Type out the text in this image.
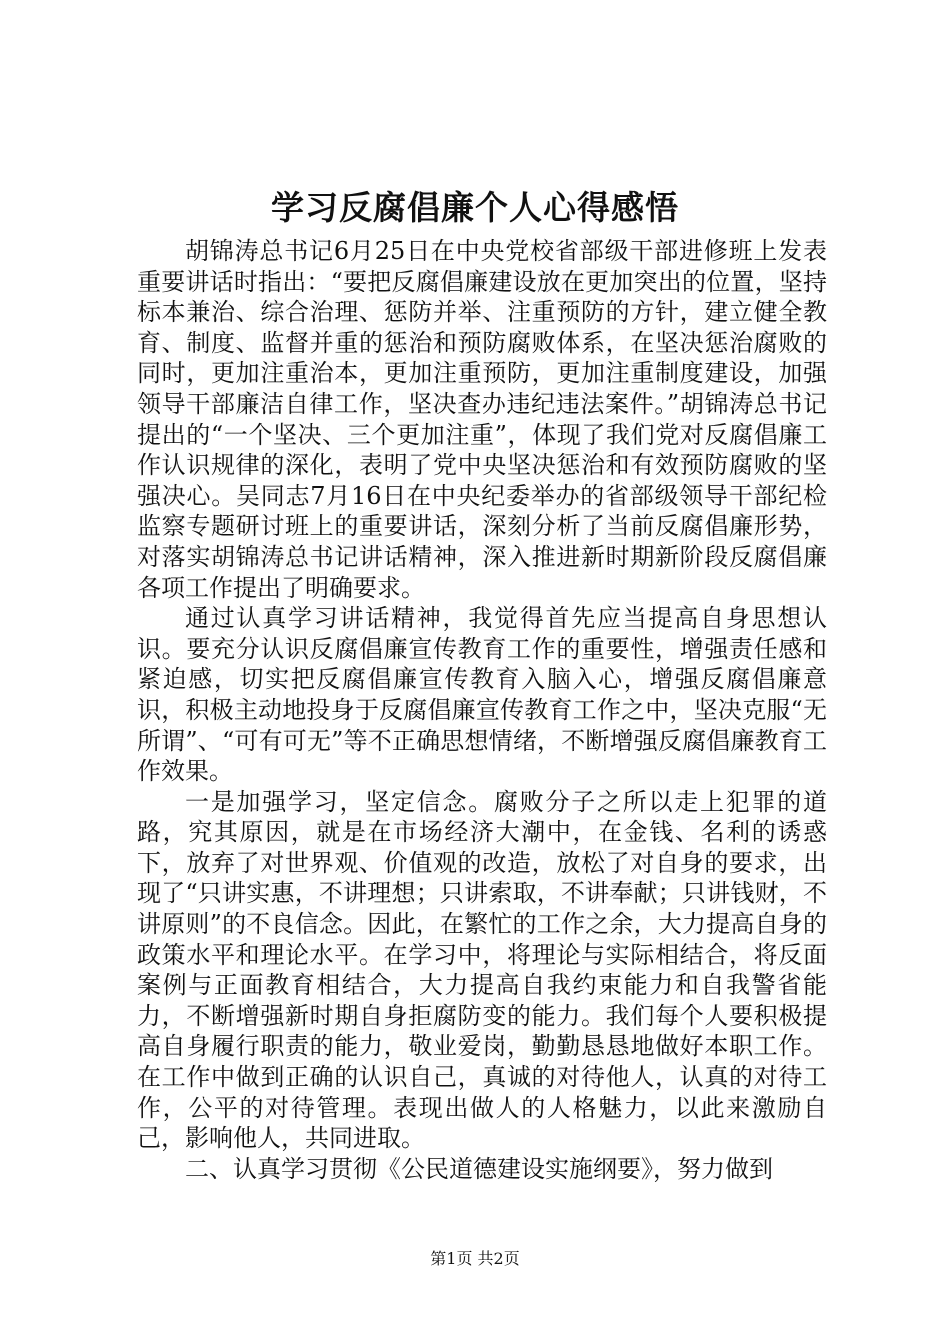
学习反腐倡廉个人心得感悟

胡锦涛总书记6月25日在中央党校省部级干部进修班上发表重要讲话时指出：“要把反腐倡廉建设放在更加突出的位置，坚持标本兼治、综合治理、惩防并举、注重预防的方针，建立健全教育、制度、监督并重的惩治和预防腐败体系，在坚决惩治腐败的同时，更加注重治本，更加注重预防，更加注重制度建设，加强领导干部廉洁自律工作，坚决查办违纪违法案件。”胡锦涛总书记提出的“一个坚决、三个更加注重”，体现了我们党对反腐倡廉工作认识规律的深化，表明了党中央坚决惩治和有效预防腐败的坚强决心。吴同志7月16日在中央纪委举办的省部级领导干部纪检监察专题研讨班上的重要讲话，深刻分析了当前反腐倡廉形势，对落实胡锦涛总书记讲话精神，深入推进新时期新阶段反腐倡廉各项工作提出了明确要求。

通过认真学习讲话精神，我觉得首先应当提高自身思想认识。要充分认识反腐倡廉宣传教育工作的重要性，增强责任感和紧迫感，切实把反腐倡廉宣传教育入脑入心，增强反腐倡廉意识，积极主动地投身于反腐倡廉宣传教育工作之中，坚决克服“无所谓”、“可有可无”等不正确思想情绪，不断增强反腐倡廉教育工作效果。

一是加强学习，坚定信念。腐败分子之所以走上犯罪的道路，究其原因，就是在市场经济大潮中，在金钱、名利的诱惑下，放弃了对世界观、价值观的改造，放松了对自身的要求，出现了“只讲实惠，不讲理想；只讲索取，不讲奉献；只讲钱财，不讲原则”的不良信念。因此，在繁忙的工作之余，大力提高自身的政策水平和理论水平。在学习中，将理论与实际相结合，将反面案例与正面教育相结合，大力提高自我约束能力和自我警省能力，不断增强新时期自身拒腐防变的能力。我们每个人要积极提高自身履行职责的能力，敬业爱岗，勤勤恳恳地做好本职工作。在工作中做到正确的认识自己，真诚的对待他人，认真的对待工作，公平的对待管理。表现出做人的人格魅力，以此来激励自己，影响他人，共同进取。

二、认真学习贯彻《公民道德建设实施纲要》，努力做到

第1页 共2页
